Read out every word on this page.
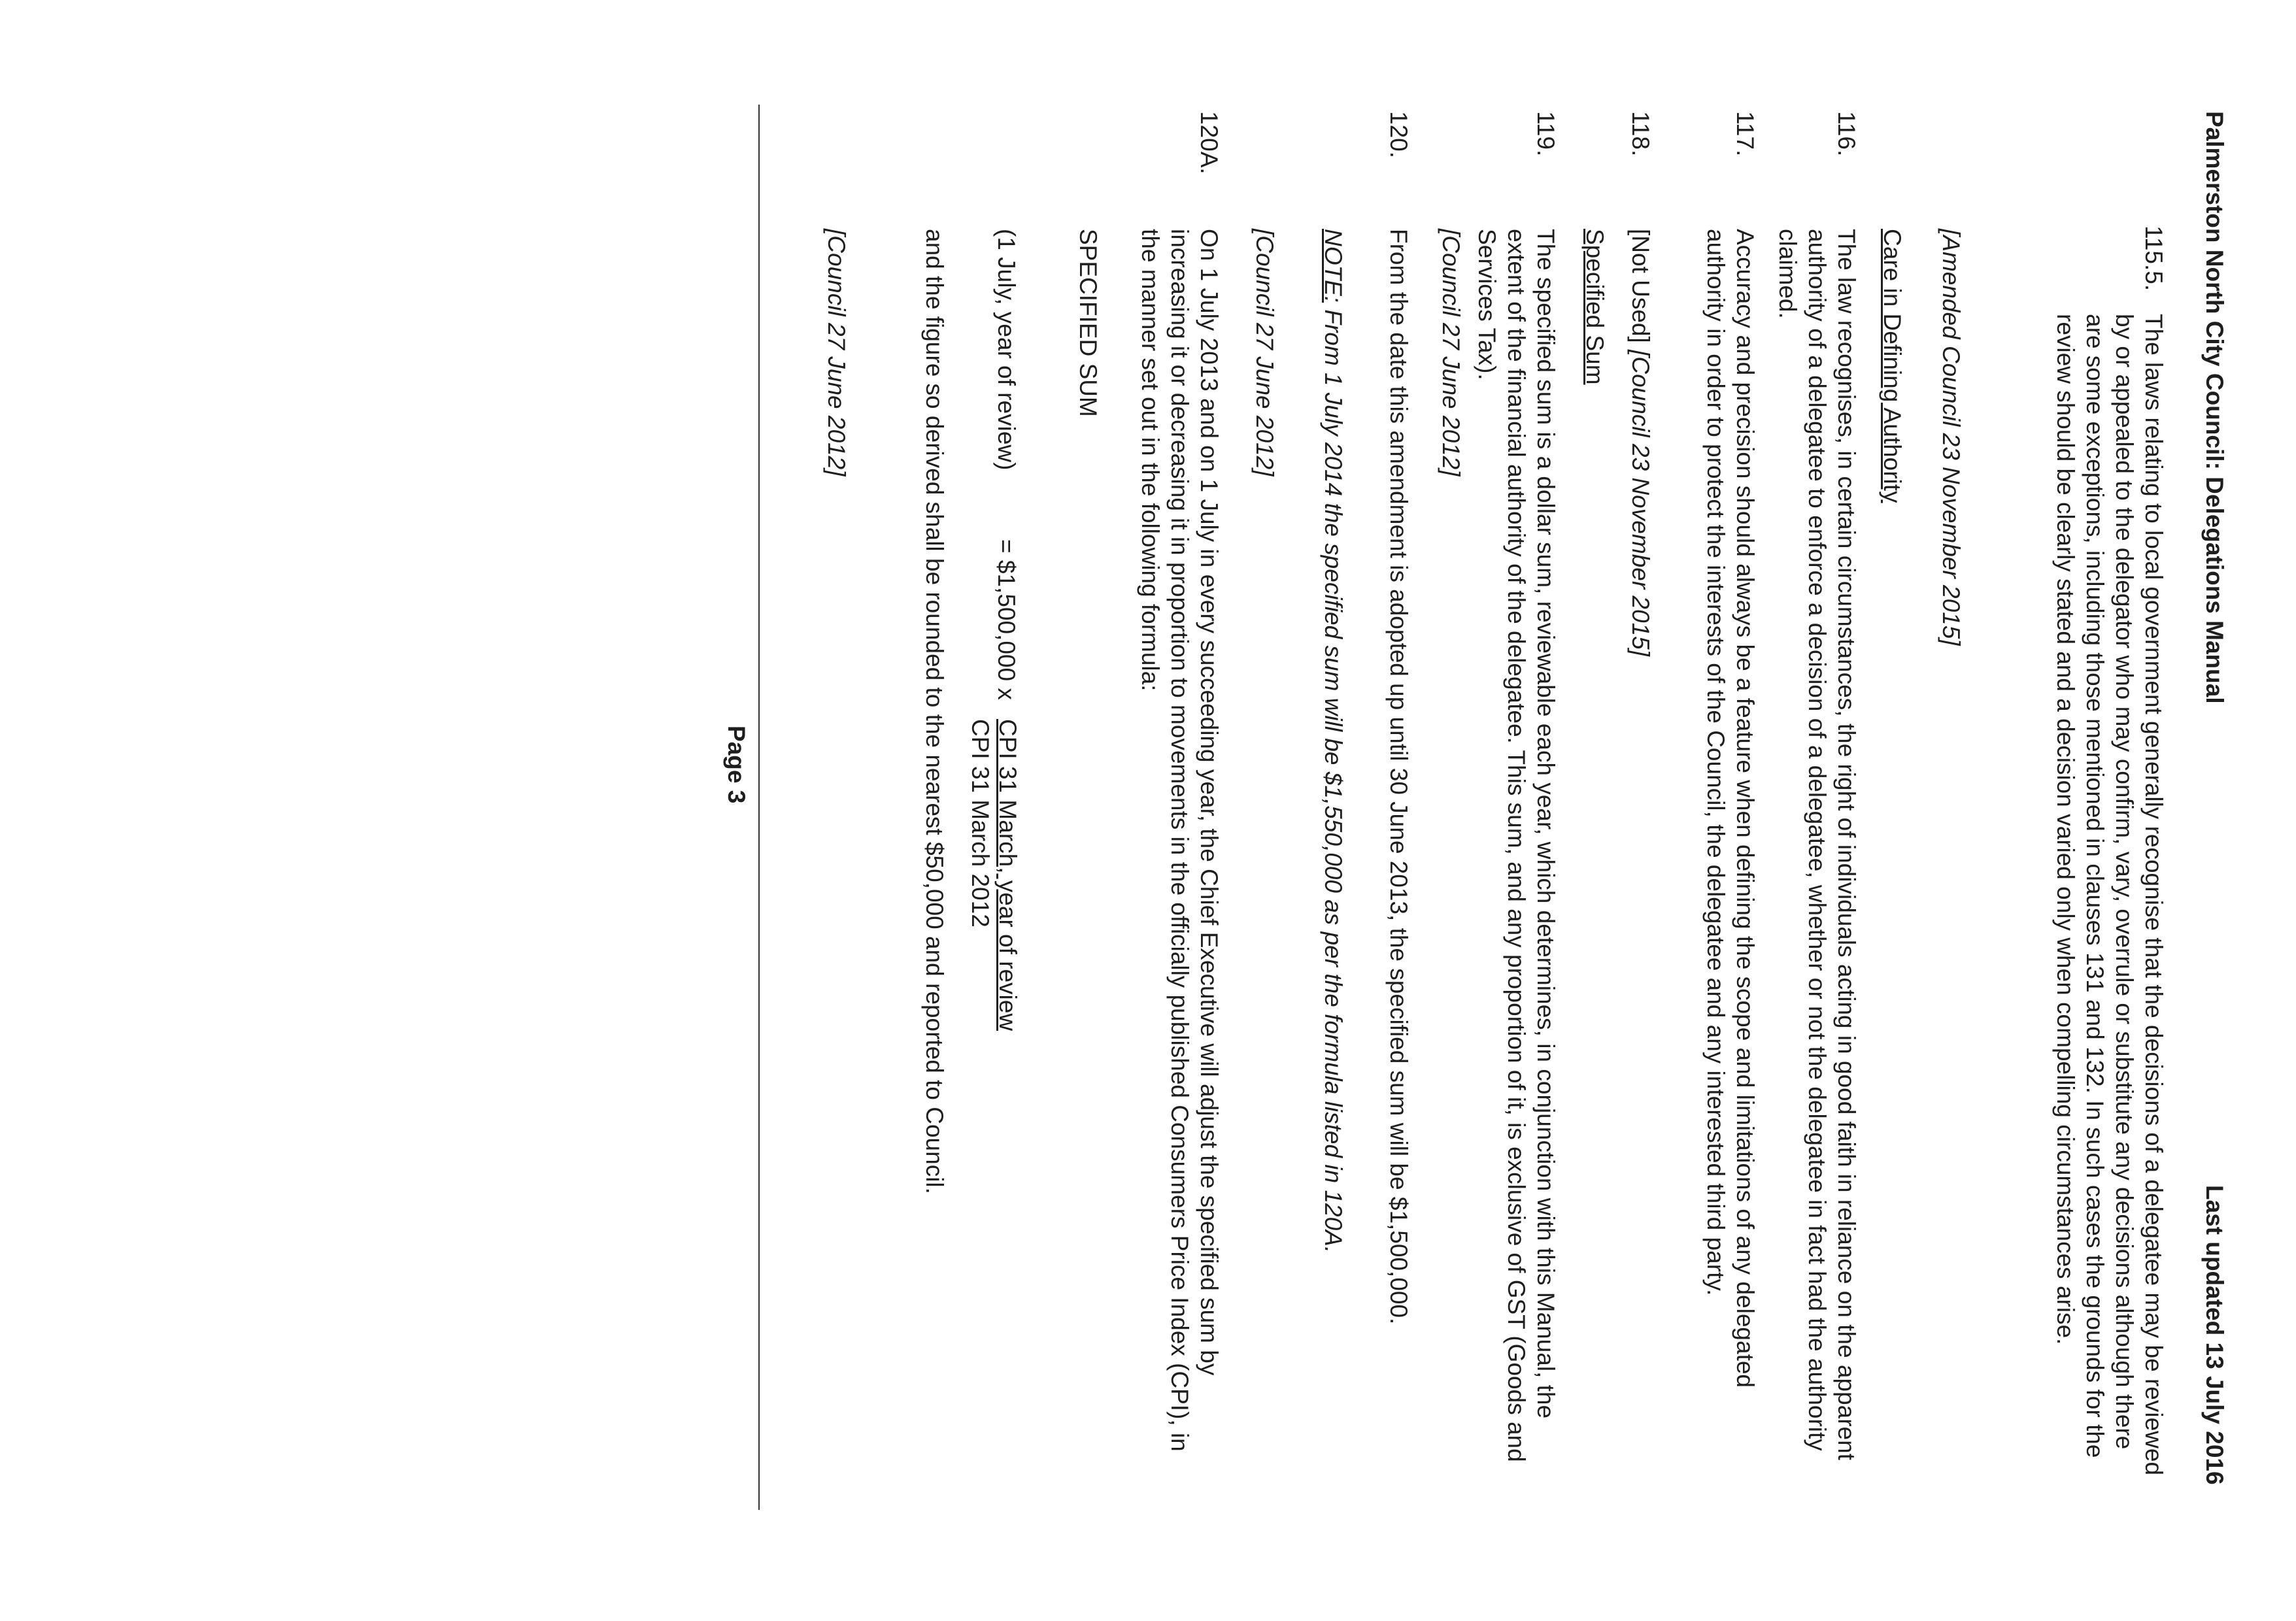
Palmerston North City Council: Delegations Manual
Last updated 13 July 2016
115.5.

The laws relating to local government generally recognise that the decisions of a delegatee may be reviewed by or appealed to the delegator who may confirm, vary, overrule or substitute any decisions although there are some exceptions, including those mentioned in clauses 131 and 132. In such cases the grounds for the review should be clearly stated and a decision varied only when compelling circumstances arise.

[Amended Council 23 November 2015]

Care in Defining Authority

116.

The law recognises, in certain circumstances, the right of individuals acting in good faith in reliance on the apparent authority of a delegatee to enforce a decision of a delegatee, whether or not the delegatee in fact had the authority claimed.

117.

Accuracy and precision should always be a feature when defining the scope and limitations of any delegated authority in order to protect the interests of the Council, the delegatee and any interested third party.

118.

[Not Used] [Council 23 November 2015]

Specified Sum

119.

The specified sum is a dollar sum, reviewable each year, which determines, in conjunction with this Manual, the extent of the financial authority of the delegatee. This sum, and any proportion of it, is exclusive of GST (Goods and Services Tax).

[Council 27 June 2012]

120.

From the date this amendment is adopted up until 30 June 2013, the specified sum will be $1,500,000.

NOTE: From 1 July 2014 the specified sum will be $1,550,000 as per the formula listed in 120A.

[Council 27 June 2012]

120A.

On 1 July 2013 and on 1 July in every succeeding year, the Chief Executive will adjust the specified sum by increasing it or decreasing it in proportion to movements in the officially published Consumers Price Index (CPI), in the manner set out in the following formula:

SPECIFIED SUM

(1 July, year of review)

= $1,500,000 x

CPI 31 March, year of review
CPI 31 March 2012

and the figure so derived shall be rounded to the nearest $50,000 and reported to Council.

[Council 27 June 2012]

Page 3
